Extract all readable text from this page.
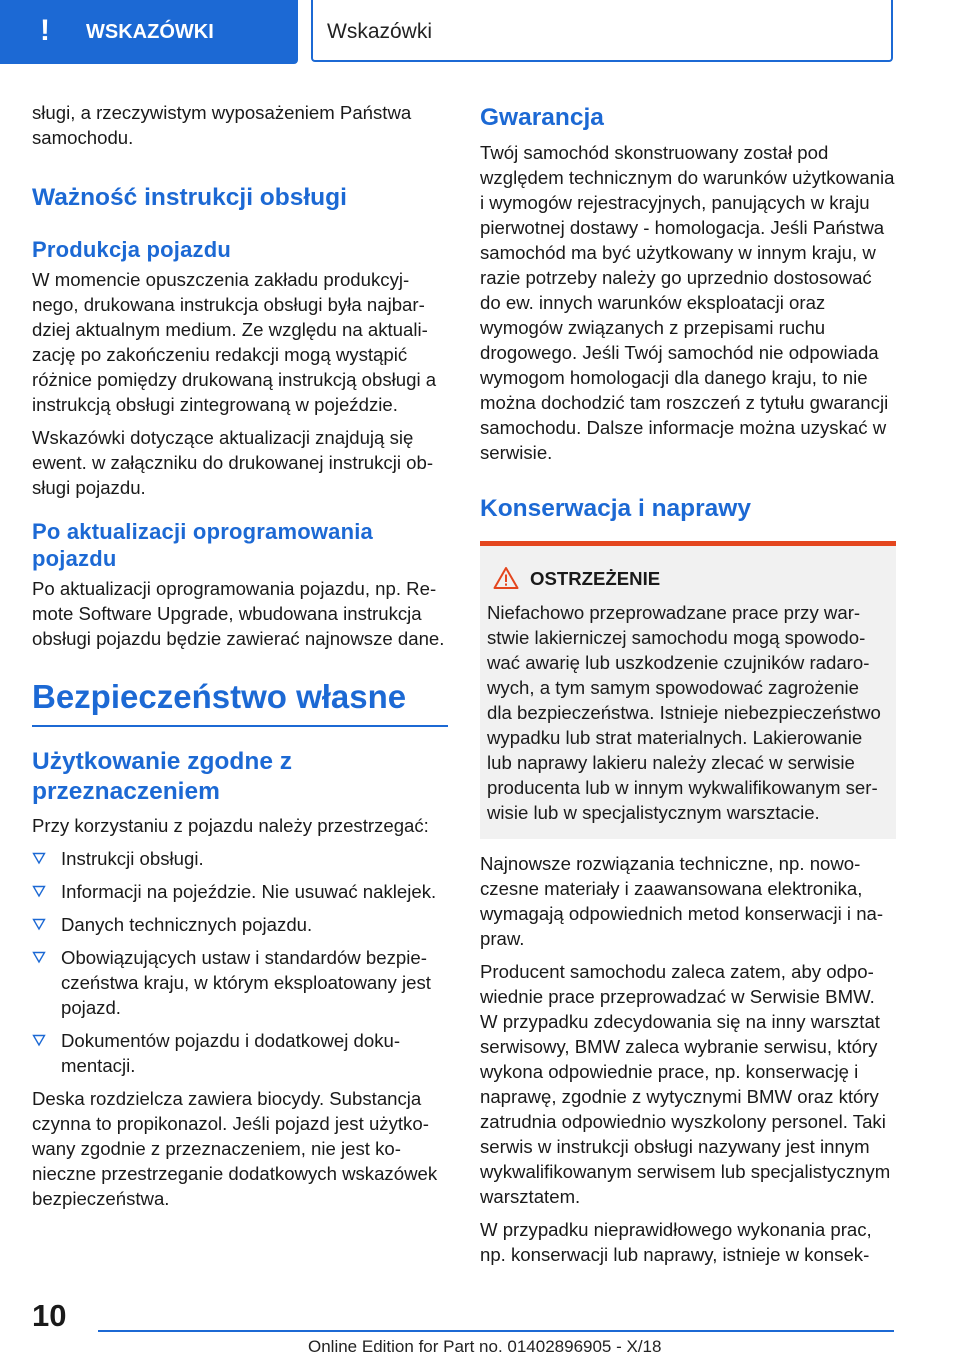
! WSKAZÓWKI	Wskazówki

sługi, a rzeczywistym wyposażeniem Państwa samochodu.

Ważność instrukcji obsługi
Produkcja pojazdu

W momencie opuszczenia zakładu produkcyjnego, drukowana instrukcja obsługi była najbardziej aktualnym medium. Ze względu na aktualizację po zakończeniu redakcji mogą wystąpić różnice pomiędzy drukowaną instrukcją obsługi a instrukcją obsługi zintegrowaną w pojeździe.

Wskazówki dotyczące aktualizacji znajdują się ewent. w załączniku do drukowanej instrukcji obsługi pojazdu.

Po aktualizacji oprogramowania pojazdu

Po aktualizacji oprogramowania pojazdu, np. Remote Software Upgrade, wbudowana instrukcja obsługi pojazdu będzie zawierać najnowsze dane.

Bezpieczeństwo własne
Użytkowanie zgodne z przeznaczeniem

Przy korzystaniu z pojazdu należy przestrzegać:

Instrukcji obsługi.
Informacji na pojeździe. Nie usuwać naklejek.
Danych technicznych pojazdu.
Obowiązujących ustaw i standardów bezpieczeństwa kraju, w którym eksploatowany jest pojazd.
Dokumentów pojazdu i dodatkowej dokumentacji.

Deska rozdzielcza zawiera biocydy. Substancja czynna to propikonazol. Jeśli pojazd jest użytkowany zgodnie z przeznaczeniem, nie jest konieczne przestrzeganie dodatkowych wskazówek bezpieczeństwa.

Gwarancja

Twój samochód skonstruowany został pod względem technicznym do warunków użytkowania i wymogów rejestracyjnych, panujących w kraju pierwotnej dostawy - homologacja. Jeśli Państwa samochód ma być użytkowany w innym kraju, w razie potrzeby należy go uprzednio dostosować do ew. innych warunków eksploatacji oraz wymogów związanych z przepisami ruchu drogowego. Jeśli Twój samochód nie odpowiada wymogom homologacji dla danego kraju, to nie można dochodzić tam roszczeń z tytułu gwarancji samochodu. Dalsze informacje można uzyskać w serwisie.

Konserwacja i naprawy
OSTRZEŻENIE

Niefachowo przeprowadzane prace przy warstwie lakierniczej samochodu mogą spowodować awarię lub uszkodzenie czujników radarowych, a tym samym spowodować zagrożenie dla bezpieczeństwa. Istnieje niebezpieczeństwo wypadku lub strat materialnych. Lakierowanie lub naprawy lakieru należy zlecać w serwisie producenta lub w innym wykwalifikowanym serwisie lub w specjalistycznym warsztacie.

Najnowsze rozwiązania techniczne, np. nowoczesne materiały i zaawansowana elektronika, wymagają odpowiednich metod konserwacji i napraw.

Producent samochodu zaleca zatem, aby odpowiednie prace przeprowadzać w Serwisie BMW. W przypadku zdecydowania się na inny warsztat serwisowy, BMW zaleca wybranie serwisu, który wykona odpowiednie prace, np. konserwację i naprawę, zgodnie z wytycznymi BMW oraz który zatrudnia odpowiednio wyszkolony personel. Taki serwis w instrukcji obsługi nazywany jest innym wykwalifikowanym serwisem lub specjalistycznym warsztatem.

W przypadku nieprawidłowego wykonania prac, np. konserwacji lub naprawy, istnieje w konsek-

10
Online Edition for Part no. 01402896905 - X/18
